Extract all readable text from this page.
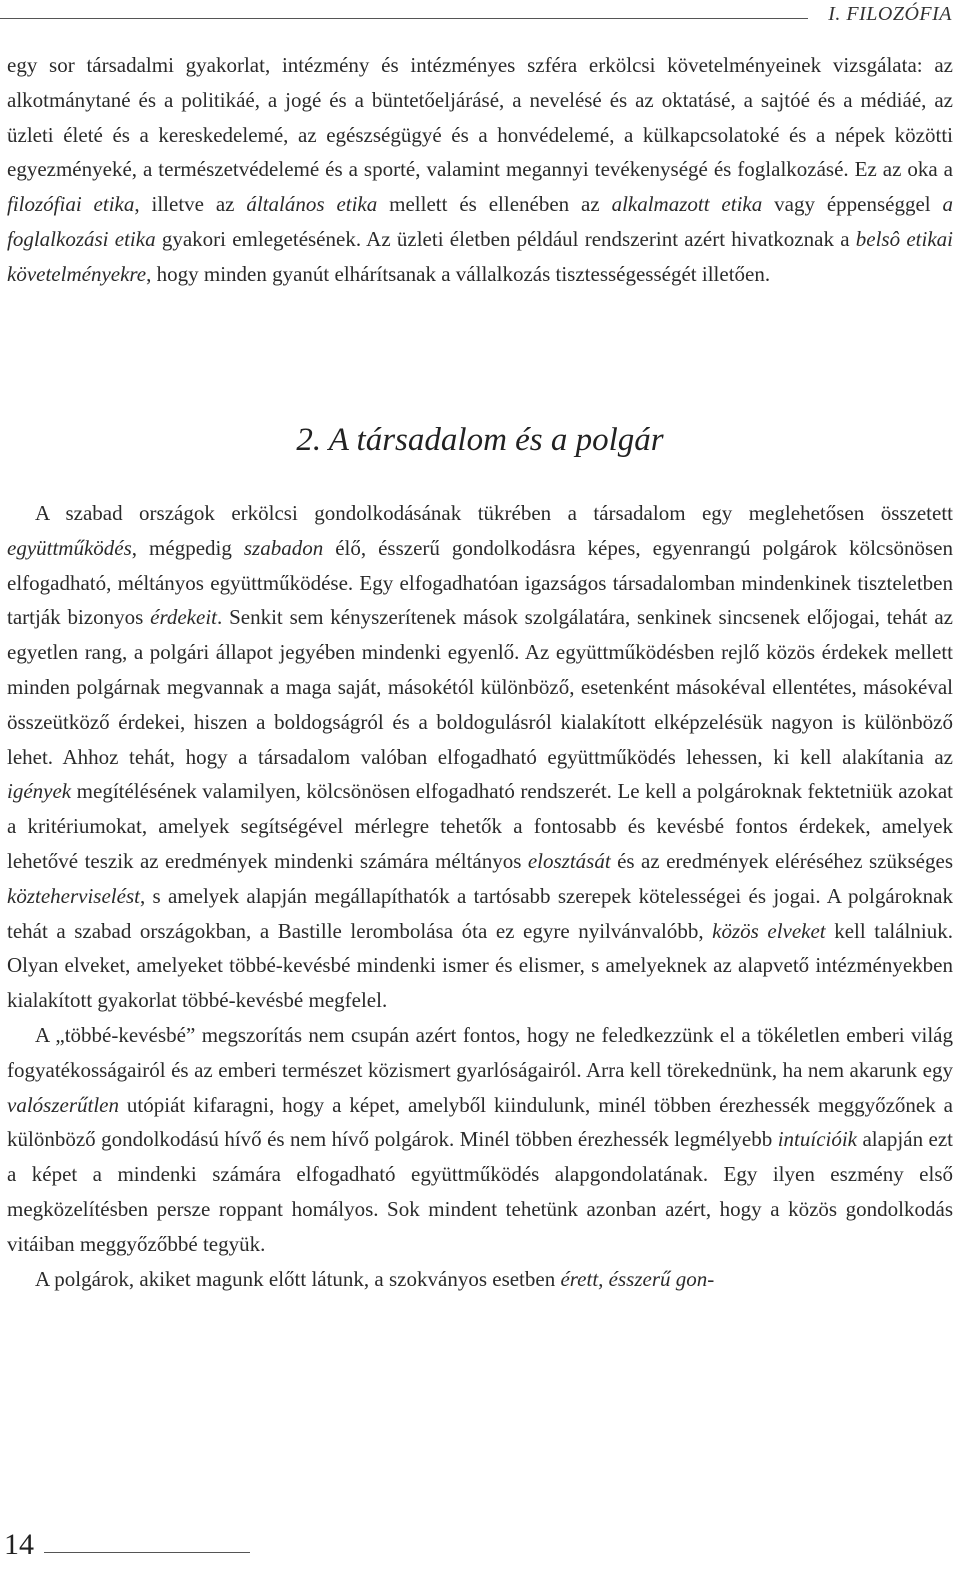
I. FILOZÓFIA

egy sor társadalmi gyakorlat, intézmény és intézményes szféra erkölcsi követelményeinek vizsgálata: az alkotmánytané és a politikáé, a jogé és a büntetőeljárásé, a nevelésé és az oktatásé, a sajtóé és a médiáé, az üzleti életé és a kereskedelemé, az egészségügyé és a honvédelemé, a külkapcsolatoké és a népek közötti egyezményeké, a természetvédelemé és a sporté, valamint megannyi tevékenységé és foglalkozásé. Ez az oka a filozófiai etika, illetve az általános etika mellett és ellenében az alkalmazott etika vagy éppenséggel a foglalkozási etika gyakori emlegetésének. Az üzleti életben például rendszerint azért hivatkoznak a belsô etikai követelményekre, hogy minden gyanút elhárítsanak a vállalkozás tisztességességét illetően.

2. A társadalom és a polgár

A szabad országok erkölcsi gondolkodásának tükrében a társadalom egy meglehetősen összetett együttműködés, mégpedig szabadon élő, ésszerű gondolkodásra képes, egyenrangú polgárok kölcsönösen elfogadható, méltányos együttműködése. Egy elfogadhatóan igazságos társadalomban mindenkinek tiszteletben tartják bizonyos érdekeit. Senkit sem kényszerítenek mások szolgálatára, senkinek sincsenek előjogai, tehát az egyetlen rang, a polgári állapot jegyében mindenki egyenlő. Az együttműködésben rejlő közös érdekek mellett minden polgárnak megvannak a maga saját, másokétól különböző, esetenként másokéval ellentétes, másokéval összeütköző érdekei, hiszen a boldogságról és a boldogulásról kialakított elképzelésük nagyon is különböző lehet. Ahhoz tehát, hogy a társadalom valóban elfogadható együttműködés lehessen, ki kell alakítania az igények megítélésének valamilyen, kölcsönösen elfogadható rendszerét. Le kell a polgároknak fektetniük azokat a kritériumokat, amelyek segítségével mérlegre tehetők a fontosabb és kevésbé fontos érdekek, amelyek lehetővé teszik az eredmények mindenki számára méltányos elosztását és az eredmények eléréséhez szükséges közteherviselést, s amelyek alapján megállapíthatók a tartósabb szerepek kötelességei és jogai. A polgároknak tehát a szabad országokban, a Bastille lerombolása óta ez egyre nyilvánvalóbb, közös elveket kell találniuk. Olyan elveket, amelyeket többé-kevésbé mindenki ismer és elismer, s amelyeknek az alapvető intézményekben kialakított gyakorlat többé-kevésbé megfelel.

A „többé-kevésbé” megszorítás nem csupán azért fontos, hogy ne feledkezzünk el a tökéletlen emberi világ fogyatékosságairól és az emberi természet közismert gyarlóságairól. Arra kell törekednünk, ha nem akarunk egy valószerűtlen utópiát kifaragni, hogy a képet, amelyből kiindulunk, minél többen érezhessék meggyőzőnek a különböző gondolkodású hívő és nem hívő polgárok. Minél többen érezhessék legmélyebb intuícióik alapján ezt a képet a mindenki számára elfogadható együttműködés alapgondolatának. Egy ilyen eszmény első megközelítésben persze roppant homályos. Sok mindent tehetünk azonban azért, hogy a közös gondolkodás vitáiban meggyőzőbbé tegyük.

A polgárok, akiket magunk előtt látunk, a szokványos esetben érett, ésszerű gon-

14
